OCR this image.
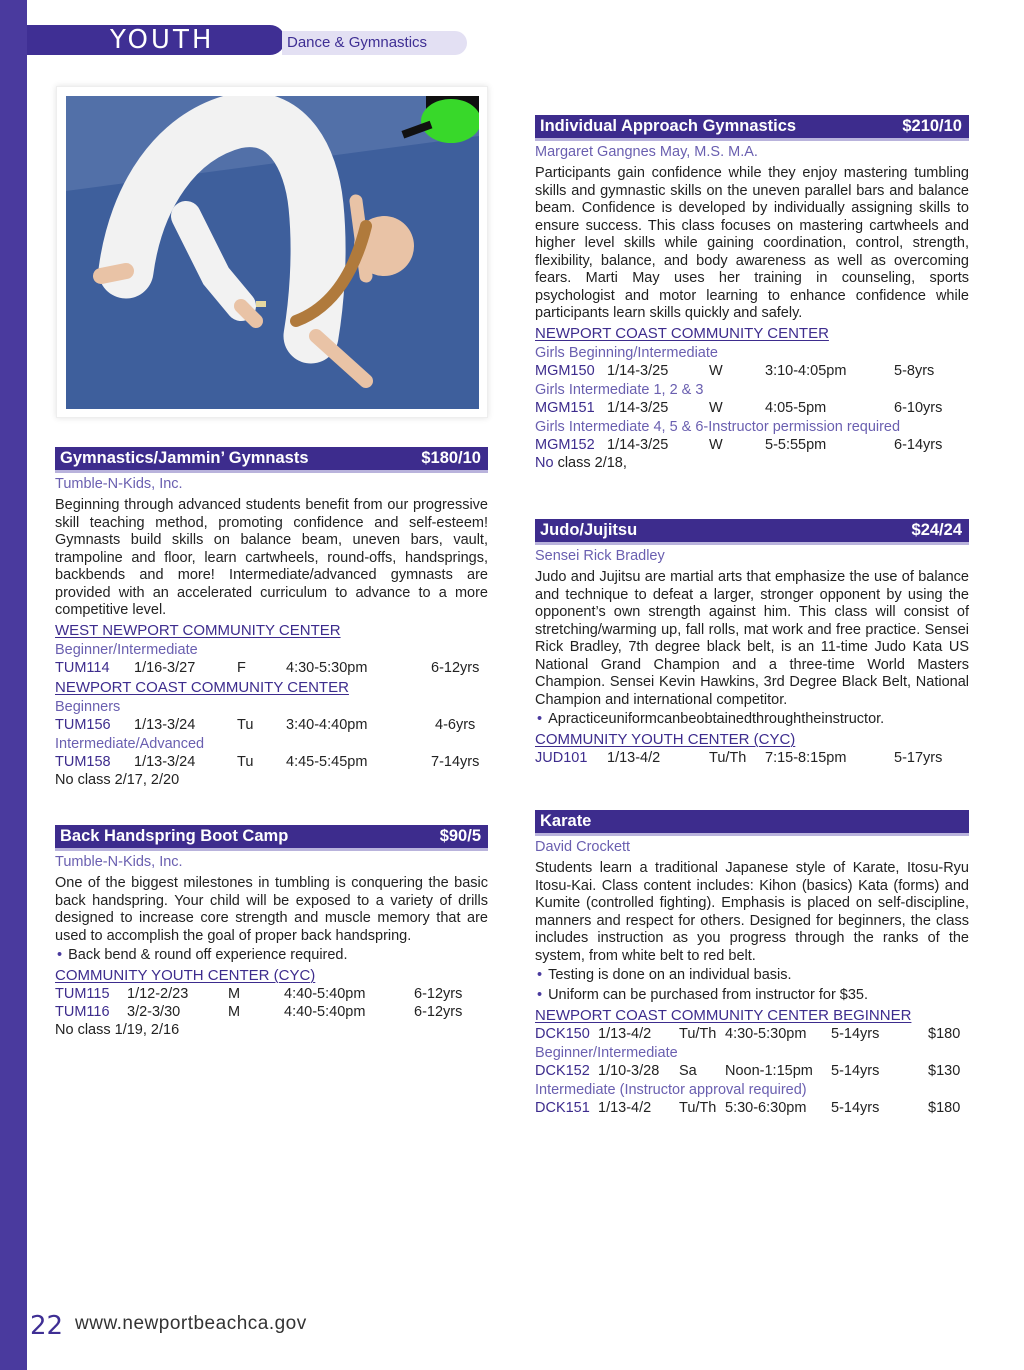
YOUTH	Dance & Gymnastics
Gymnastics/Jammin’ Gymnasts	$180/10
Tumble-N-Kids, Inc.
Beginning through advanced students benefit from our progressive skill teaching method, promoting confidence and self-esteem! Gymnasts build skills on balance beam, uneven bars, vault, trampoline and floor, learn cartwheels, round-offs, handsprings, backbends and more! Intermediate/advanced gymnasts are provided with an accelerated curriculum to advance to a more competitive level.
WEST NEWPORT COMMUNITY CENTER
Beginner/Intermediate
TUM114 1/16-3/27	F	4:30-5:30pm	6-12yrs
NEWPORT COAST COMMUNITY CENTER
Beginners
TUM156 1/13-3/24	Tu 3:40-4:40pm	4-6yrs
Intermediate/Advanced
TUM158 1/13-3/24	Tu 4:45-5:45pm	7-14yrs
No class 2/17, 2/20
Back Handspring Boot Camp	$90/5
Tumble-N-Kids, Inc.
One of the biggest milestones in tumbling is conquering the basic back handspring. Your child will be exposed to a variety of drills designed to increase core strength and muscle memory that are used to accomplish the goal of proper back handspring.
• Back bend & round off experience required.
COMMUNITY YOUTH CENTER (CYC)
TUM115 1/12-2/23	M	4:40-5:40pm	6-12yrs
TUM116 3/2-3/30	M	4:40-5:40pm	6-12yrs
No class 1/19, 2/16
Individual Approach Gymnastics	$210/10
Margaret Gangnes May, M.S. M.A.
Participants gain confidence while they enjoy mastering tumbling skills and gymnastic skills on the uneven parallel bars and balance beam. Confidence is developed by individually assigning skills to ensure success. This class focuses on mastering cartwheels and higher level skills while gaining coordination, control, strength, flexibility, balance, and body awareness as well as overcoming fears. Marti May uses her training in counseling, sports psychologist and motor learning to enhance confidence while participants learn skills quickly and safely.
NEWPORT COAST COMMUNITY CENTER
Girls Beginning/Intermediate
MGM150 1/14-3/25	W	3:10-4:05pm	5-8yrs
Girls Intermediate 1, 2 & 3
MGM151 1/14-3/25	W	4:05-5pm	6-10yrs
Girls Intermediate 4, 5 & 6-Instructor permission required
MGM152 1/14-3/25	W	5-5:55pm	6-14yrs
No class 2/18,
Judo/Jujitsu	$24/24
Sensei Rick Bradley
Judo and Jujitsu are martial arts that emphasize the use of balance and technique to defeat a larger, stronger opponent by using the opponent’s own strength against him. This class will consist of stretching/warming up, fall rolls, mat work and free practice. Sensei Rick Bradley, 7th degree black belt, is an 11-time Judo Kata US National Grand Champion and a three-time World Masters Champion. Sensei Kevin Hawkins, 3rd Degree Black Belt, National Champion and international competitor.
• Apracticeuniformcanbeobtainedthroughtheinstructor.
COMMUNITY YOUTH CENTER (CYC)
JUD101 1/13-4/2	Tu/Th 7:15-8:15pm	5-17yrs
Karate
David Crockett
Students learn a traditional Japanese style of Karate, Itosu-Ryu Itosu-Kai. Class content includes: Kihon (basics) Kata (forms) and Kumite (controlled fighting). Emphasis is placed on self-discipline, manners and respect for others. Designed for beginners, the class includes instruction as you progress through the ranks of the system, from white belt to red belt.
• Testing is done on an individual basis.
• Uniform can be purchased from instructor for $35.
NEWPORT COAST COMMUNITY CENTER BEGINNER
DCK150 1/13-4/2 Tu/Th 4:30-5:30pm 5-14yrs	$180
Beginner/Intermediate
DCK152 1/10-3/28 Sa Noon-1:15pm 5-14yrs	$130
Intermediate (Instructor approval required)
DCK151 1/13-4/2 Tu/Th 5:30-6:30pm 5-14yrs	$180
22 www.newportbeachca.gov
